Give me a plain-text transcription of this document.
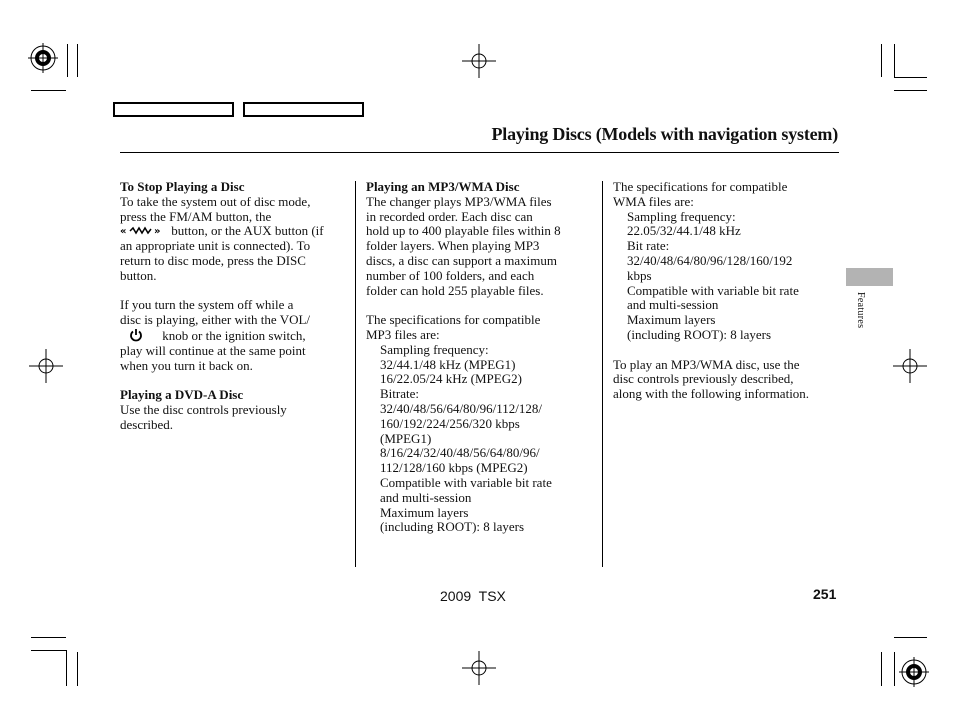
Playing Discs (Models with navigation system)

To Stop Playing a Disc

To take the system out of disc mode,

press the FM/AM button, the

«	» button, or the AUX button (if

an appropriate unit is connected). To

return to disc mode, press the DISC

button.

If you turn the system off while a

disc is playing, either with the VOL/

knob or the ignition switch,

play will continue at the same point

when you turn it back on.

Playing a DVD-A Disc

Use the disc controls previously

described.

Playing an MP3/WMA Disc

The changer plays MP3/WMA files

in recorded order. Each disc can

hold up to 400 playable files within 8

folder layers. When playing MP3

discs, a disc can support a maximum

number of 100 folders, and each

folder can hold 255 playable files.

The specifications for compatible

MP3 files are:

Sampling frequency:

32/44.1/48 kHz (MPEG1)

16/22.05/24 kHz (MPEG2)

Bitrate:

32/40/48/56/64/80/96/112/128/

160/192/224/256/320 kbps

(MPEG1)

8/16/24/32/40/48/56/64/80/96/

112/128/160 kbps (MPEG2)

Compatible with variable bit rate

and multi-session

Maximum layers

(including ROOT): 8 layers

The specifications for compatible

WMA files are:

Sampling frequency:

22.05/32/44.1/48 kHz

Bit rate:

32/40/48/64/80/96/128/160/192

kbps

Compatible with variable bit rate

and multi-session

Maximum layers

(including ROOT): 8 layers

To play an MP3/WMA disc, use the

disc controls previously described,

along with the following information.

Features
2009  TSX	251
